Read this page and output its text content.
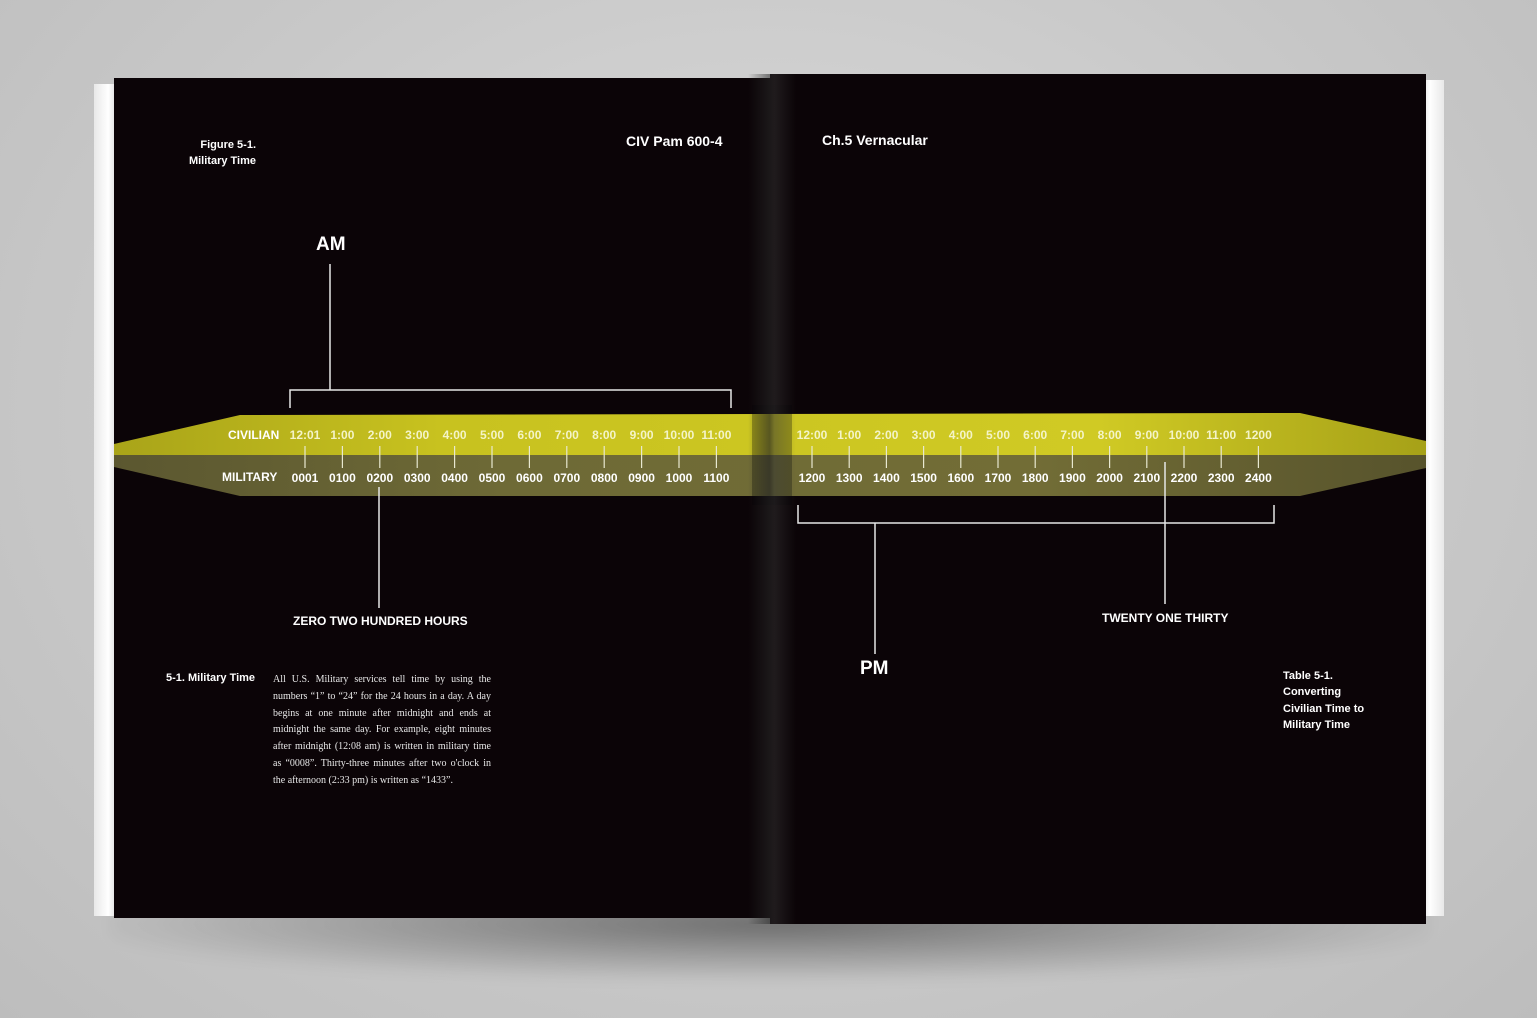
CIVILIAN
MILITARY
12:01 1:00 2:00 3:00 4:00 5:00 6:00 7:00 8:00 9:00 10:00 11:00
0001 0100 0200 0300 0400 0500 0600 0700 0800 0900 1000 1100
12:00 1:00 2:00 3:00 4:00 5:00 6:00 7:00 8:00 9:00 10:00 11:00 1200
1200 1300 1400 1500 1600 1700 1800 1900 2000 2100 2200 2300 2400
Figure 5-1.
Military Time
CIV Pam 600-4	Ch.5 Vernacular
AM
PM
ZERO TWO HUNDRED HOURS	TWENTY ONE THIRTY
5-1. Military Time All U.S. Military services tell time by using the numbers “1” to “24” for the 24 hours in a day. A day begins at one minute after midnight and ends at midnight the same day. For example, eight minutes after midnight (12:08 am) is written in military time as “0008”. Thirty-three minutes after two o'clock in the afternoon (2:33 pm) is written as “1433”.
Table 5-1.
Converting
Civilian Time to
Military Time
